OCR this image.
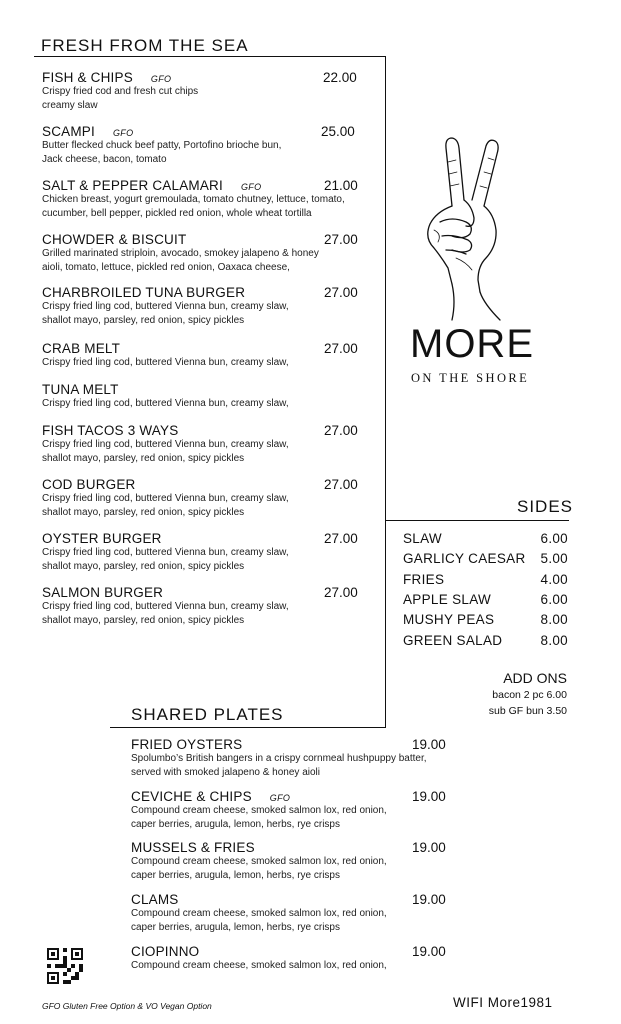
FRESH FROM THE SEA
FISH & CHIPS GFO
Crispy fried cod and fresh cut chips
creamy slaw
22.00
SCAMPI GFO
Butter flecked chuck beef patty, Portofino brioche bun,
Jack cheese, bacon, tomato
25.00
SALT & PEPPER CALAMARI GFO
Chicken breast, yogurt gremoulada, tomato chutney, lettuce, tomato,
cucumber, bell pepper, pickled red onion, whole wheat tortilla
21.00
CHOWDER & BISCUIT
Grilled marinated striploin, avocado, smokey jalapeno & honey
aioli, tomato, lettuce, pickled red onion, Oaxaca cheese,
27.00
CHARBROILED TUNA BURGER
Crispy fried ling cod, buttered Vienna bun, creamy slaw,
shallot mayo, parsley, red onion, spicy pickles
27.00
CRAB MELT
Crispy fried ling cod, buttered Vienna bun, creamy slaw,
27.00
TUNA MELT
Crispy fried ling cod, buttered Vienna bun, creamy slaw,
FISH TACOS 3 WAYS
Crispy fried ling cod, buttered Vienna bun, creamy slaw,
shallot mayo, parsley, red onion, spicy pickles
27.00
COD BURGER
Crispy fried ling cod, buttered Vienna bun, creamy slaw,
shallot mayo, parsley, red onion, spicy pickles
27.00
OYSTER BURGER
Crispy fried ling cod, buttered Vienna bun, creamy slaw,
shallot mayo, parsley, red onion, spicy pickles
27.00
SALMON BURGER
Crispy fried ling cod, buttered Vienna bun, creamy slaw,
shallot mayo, parsley, red onion, spicy pickles
27.00
MORE
ON THE SHORE
SIDES
SLAW	6.00
GARLICY CAESAR 5.00
FRIES	4.00
APPLE SLAW	6.00
MUSHY PEAS	8.00
GREEN SALAD	8.00
ADD ONS
bacon 2 pc 6.00
sub GF bun 3.50
SHARED PLATES
FRIED OYSTERS
Spolumbo’s British bangers in a crispy cornmeal hushpuppy batter,
served with smoked jalapeno & honey aioli
19.00
CEVICHE & CHIPS GFO
Compound cream cheese, smoked salmon lox, red onion,
caper berries, arugula, lemon, herbs, rye crisps
19.00
MUSSELS & FRIES
Compound cream cheese, smoked salmon lox, red onion,
caper berries, arugula, lemon, herbs, rye crisps
19.00
CLAMS
Compound cream cheese, smoked salmon lox, red onion,
caper berries, arugula, lemon, herbs, rye crisps
19.00
CIOPINNO
Compound cream cheese, smoked salmon lox, red onion,
19.00
GFO Gluten Free Option & VO Vegan Option	WIFI More1981
